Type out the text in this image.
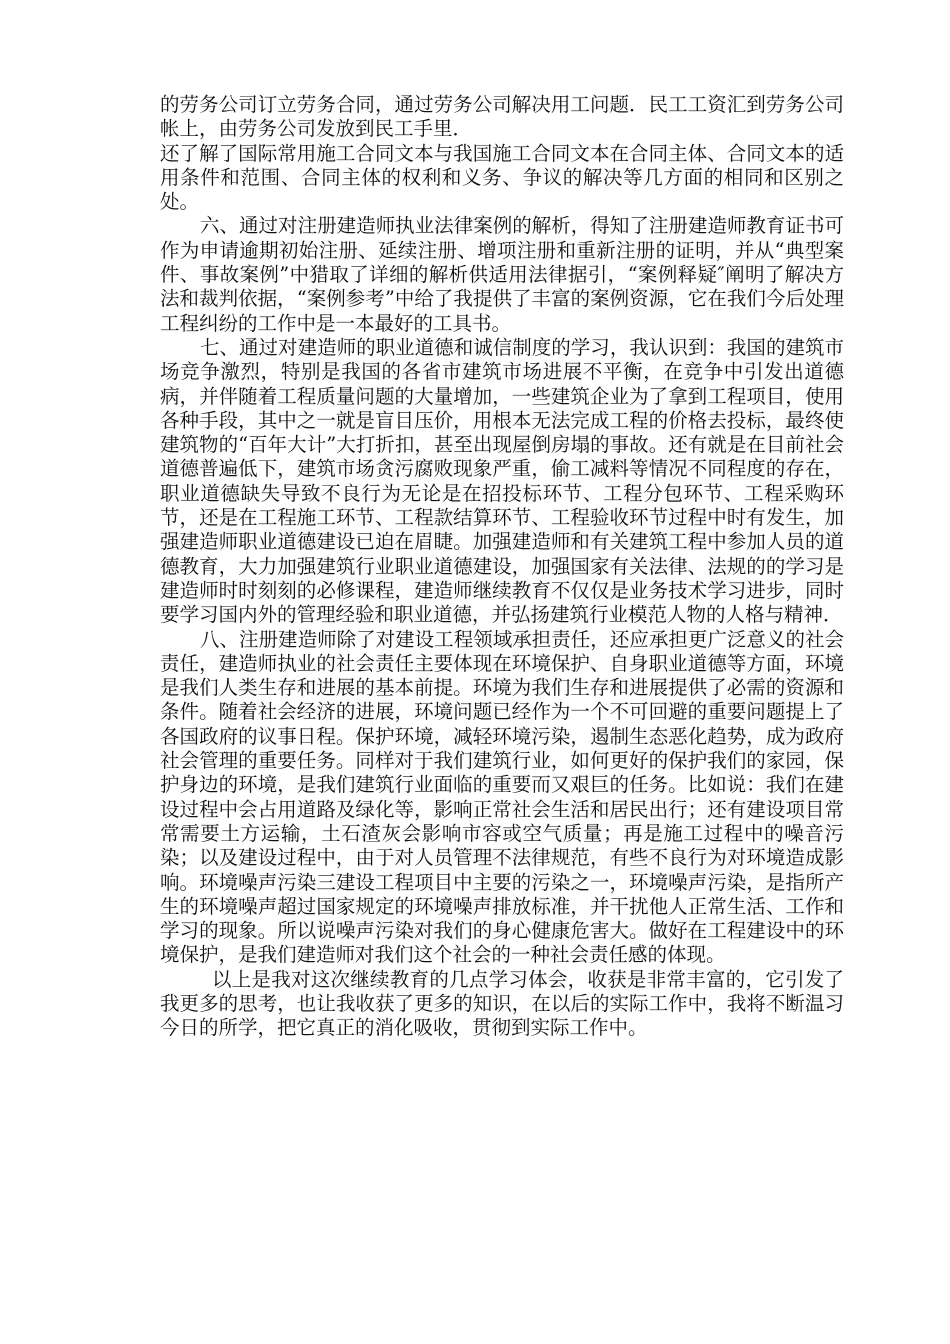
的劳务公司订立劳务合同，通过劳务公司解决用工问题．民工工资汇到劳务公司帐上，由劳务公司发放到民工手里．

还了解了国际常用施工合同文本与我国施工合同文本在合同主体、合同文本的适用条件和范围、合同主体的权利和义务、争议的解决等几方面的相同和区别之处。

六、通过对注册建造师执业法律案例的解析，得知了注册建造师教育证书可作为申请逾期初始注册、延续注册、增项注册和重新注册的证明，并从“典型案件、事故案例”中猎取了详细的解析供适用法律据引，“案例释疑″阐明了解决方法和裁判依据，“案例参考”中给了我提供了丰富的案例资源，它在我们今后处理工程纠纷的工作中是一本最好的工具书。

七、通过对建造师的职业道德和诚信制度的学习，我认识到：我国的建筑市场竞争激烈，特别是我国的各省市建筑市场进展不平衡，在竞争中引发出道德病，并伴随着工程质量问题的大量增加，一些建筑企业为了拿到工程项目，使用各种手段，其中之一就是盲目压价，用根本无法完成工程的价格去投标，最终使建筑物的“百年大计”大打折扣，甚至出现屋倒房塌的事故。还有就是在目前社会道德普遍低下，建筑市场贪污腐败现象严重，偷工减料等情况不同程度的存在，职业道德缺失导致不良行为无论是在招投标环节、工程分包环节、工程采购环节，还是在工程施工环节、工程款结算环节、工程验收环节过程中时有发生，加强建造师职业道德建设已迫在眉睫。加强建造师和有关建筑工程中参加人员的道德教育，大力加强建筑行业职业道德建设，加强国家有关法律、法规的的学习是建造师时时刻刻的必修课程，建造师继续教育不仅仅是业务技术学习进步，同时要学习国内外的管理经验和职业道德，并弘扬建筑行业模范人物的人格与精神．

八、注册建造师除了对建设工程领域承担责任，还应承担更广泛意义的社会责任，建造师执业的社会责任主要体现在环境保护、自身职业道德等方面，环境是我们人类生存和进展的基本前提。环境为我们生存和进展提供了必需的资源和条件。随着社会经济的进展，环境问题已经作为一个不可回避的重要问题提上了各国政府的议事日程。保护环境，减轻环境污染，遏制生态恶化趋势，成为政府社会管理的重要任务。同样对于我们建筑行业，如何更好的保护我们的家园，保护身边的环境，是我们建筑行业面临的重要而又艰巨的任务。比如说：我们在建设过程中会占用道路及绿化等，影响正常社会生活和居民出行；还有建设项目常常需要土方运输，土石渣灰会影响市容或空气质量；再是施工过程中的噪音污染；以及建设过程中，由于对人员管理不法律规范，有些不良行为对环境造成影响。环境噪声污染三建设工程项目中主要的污染之一，环境噪声污染，是指所产生的环境噪声超过国家规定的环境噪声排放标准，并干扰他人正常生活、工作和学习的现象。所以说噪声污染对我们的身心健康危害大。做好在工程建设中的环境保护，是我们建造师对我们这个社会的一种社会责任感的体现。

以上是我对这次继续教育的几点学习体会，收获是非常丰富的，它引发了我更多的思考，也让我收获了更多的知识，在以后的实际工作中，我将不断温习今日的所学，把它真正的消化吸收，贯彻到实际工作中。
